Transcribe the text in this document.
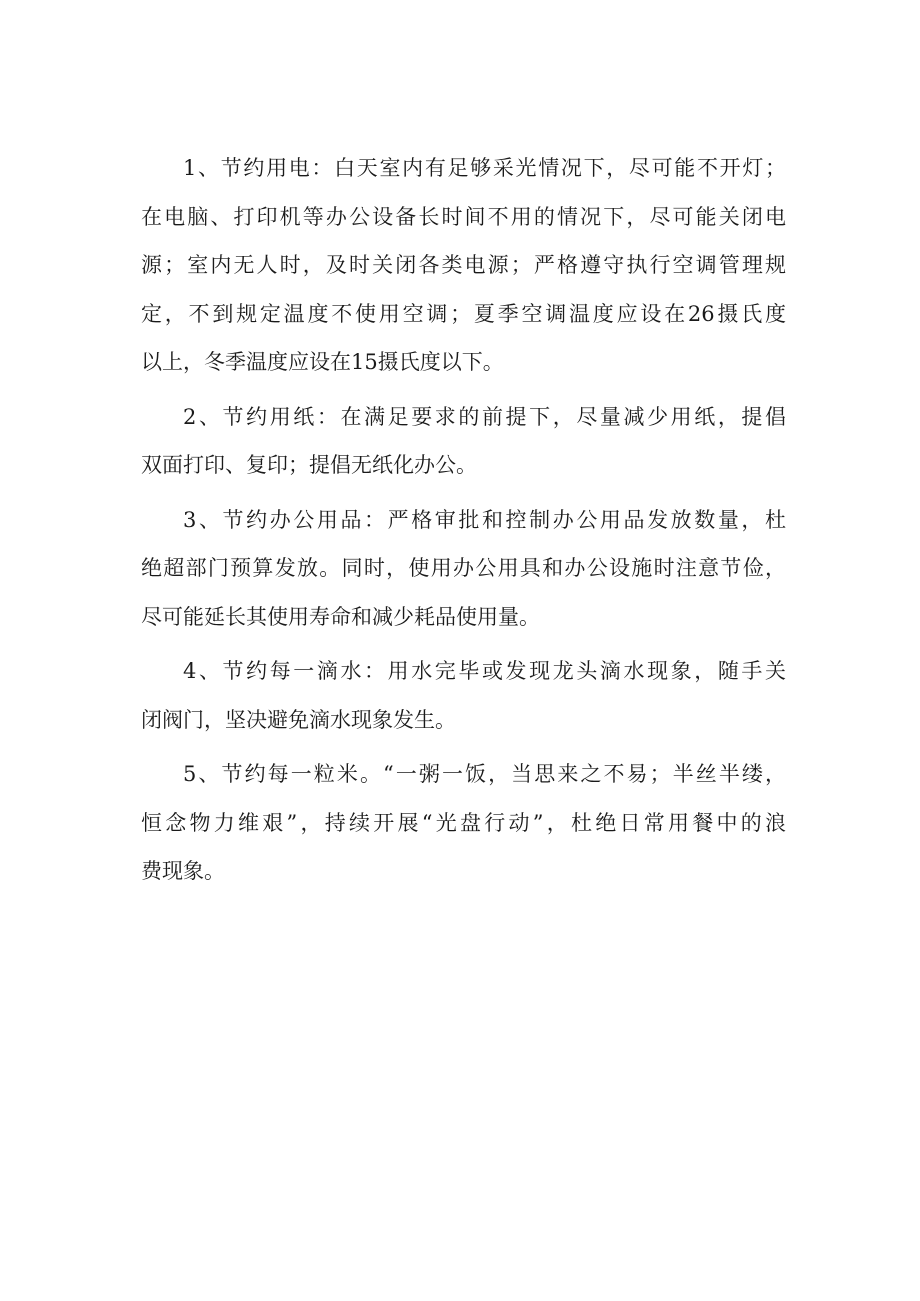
1、节约用电：白天室内有足够采光情况下，尽可能不开灯；
在电脑、打印机等办公设备长时间不用的情况下，尽可能关闭电
源；室内无人时，及时关闭各类电源；严格遵守执行空调管理规
定，不到规定温度不使用空调；夏季空调温度应设在26摄氏度
以上，冬季温度应设在15摄氏度以下。

2、节约用纸：在满足要求的前提下，尽量减少用纸，提倡
双面打印、复印；提倡无纸化办公。

3、节约办公用品：严格审批和控制办公用品发放数量，杜
绝超部门预算发放。同时，使用办公用具和办公设施时注意节俭，
尽可能延长其使用寿命和减少耗品使用量。

4、节约每一滴水：用水完毕或发现龙头滴水现象，随手关
闭阀门，坚决避免滴水现象发生。

5、节约每一粒米。“一粥一饭，当思来之不易；半丝半缕，
恒念物力维艰”，持续开展“光盘行动”，杜绝日常用餐中的浪
费现象。
